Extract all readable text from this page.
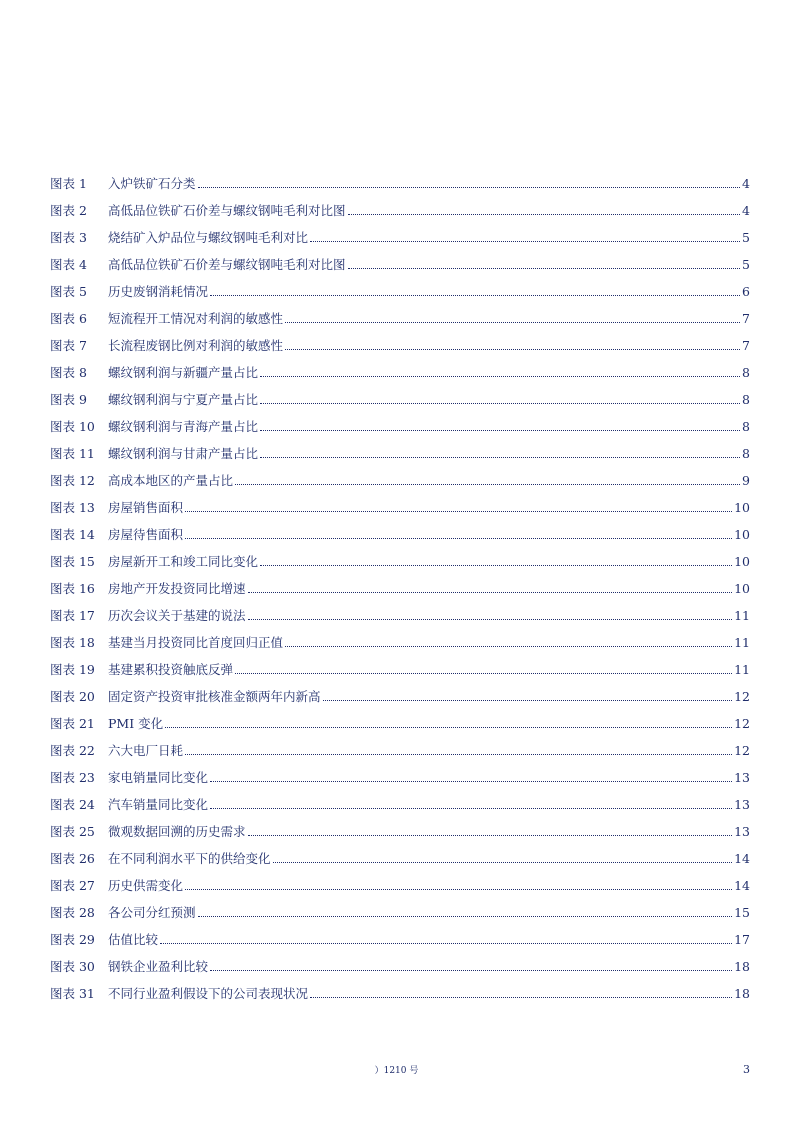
图表 1	入炉铁矿石分类	4
图表 2	高低品位铁矿石价差与螺纹钢吨毛利对比图	4
图表 3	烧结矿入炉品位与螺纹钢吨毛利对比	5
图表 4	高低品位铁矿石价差与螺纹钢吨毛利对比图	5
图表 5	历史废钢消耗情况	6
图表 6	短流程开工情况对利润的敏感性	7
图表 7	长流程废钢比例对利润的敏感性	7
图表 8	螺纹钢利润与新疆产量占比	8
图表 9	螺纹钢利润与宁夏产量占比	8
图表 10	螺纹钢利润与青海产量占比	8
图表 11	螺纹钢利润与甘肃产量占比	8
图表 12	高成本地区的产量占比	9
图表 13	房屋销售面积	10
图表 14	房屋待售面积	10
图表 15	房屋新开工和竣工同比变化	10
图表 16	房地产开发投资同比增速	10
图表 17	历次会议关于基建的说法	11
图表 18	基建当月投资同比首度回归正值	11
图表 19	基建累积投资触底反弹	11
图表 20	固定资产投资审批核准金额两年内新高	12
图表 21	PMI 变化	12
图表 22	六大电厂日耗	12
图表 23	家电销量同比变化	13
图表 24	汽车销量同比变化	13
图表 25	微观数据回溯的历史需求	13
图表 26	在不同利润水平下的供给变化	14
图表 27	历史供需变化	14
图表 28	各公司分红预测	15
图表 29	估值比较	17
图表 30	钢铁企业盈利比较	18
图表 31	不同行业盈利假设下的公司表现状况	18
）1210 号	3
